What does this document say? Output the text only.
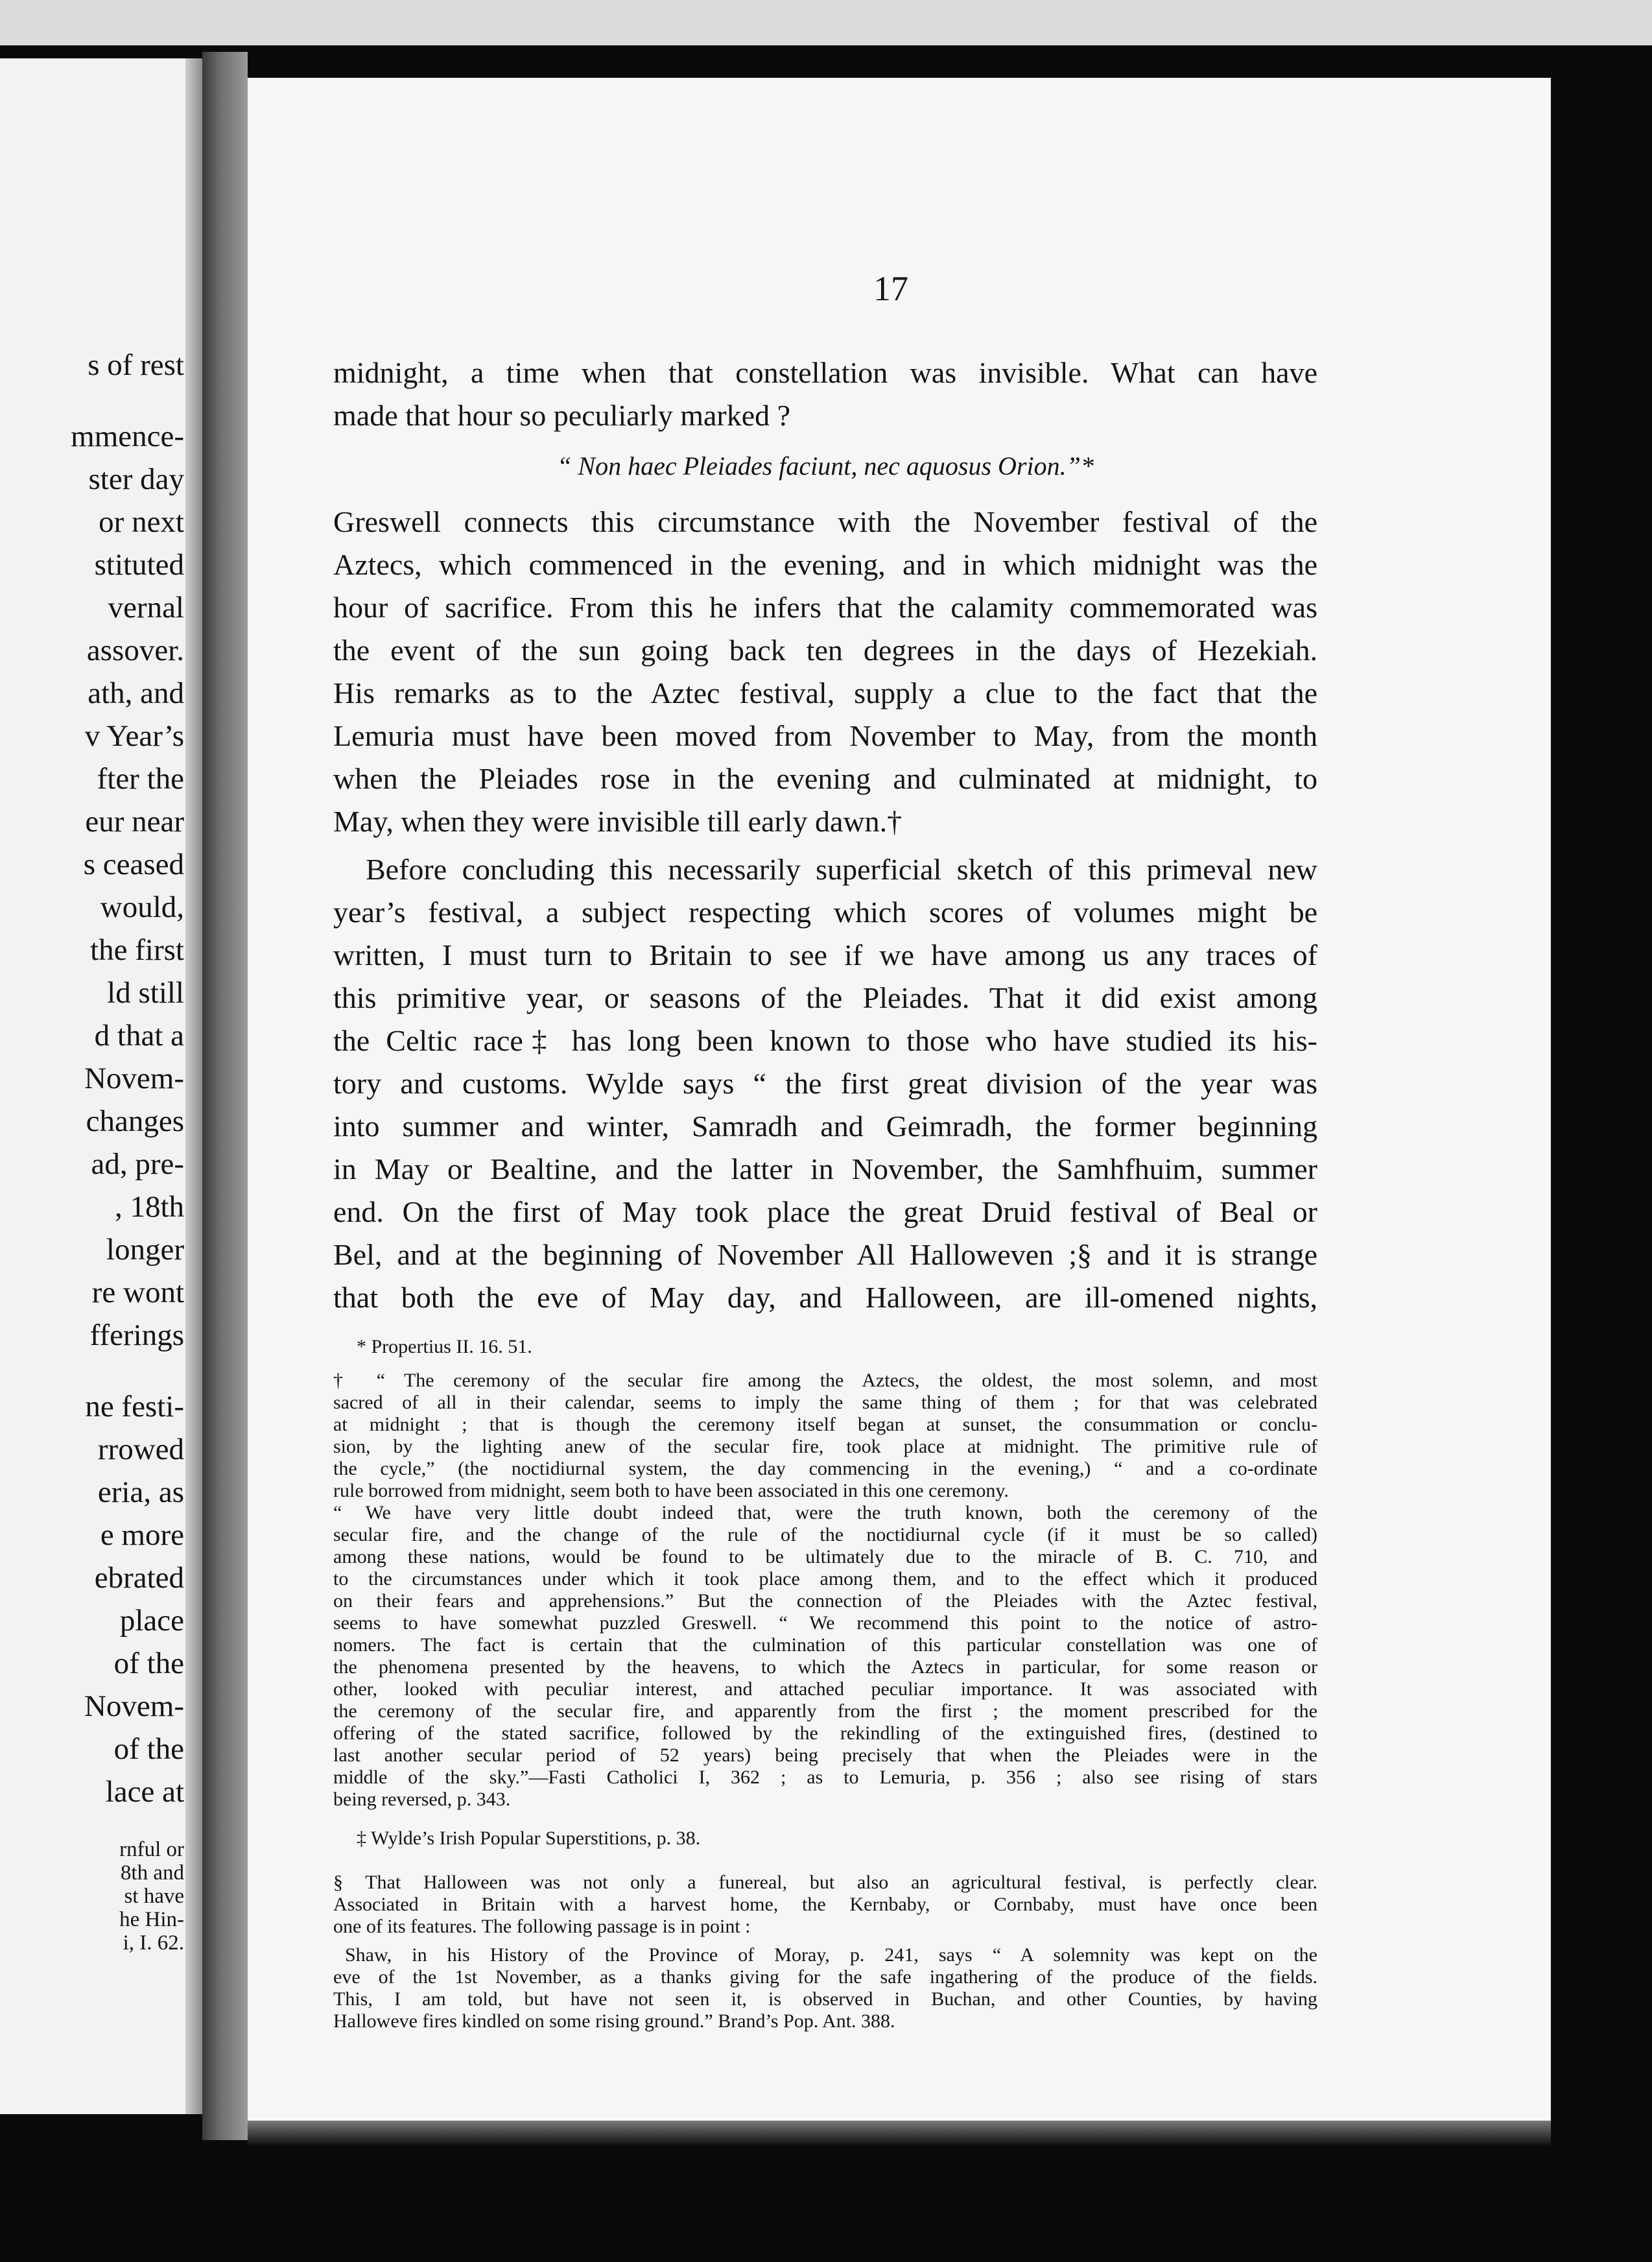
s of rest
mmence-
ster day
or next
stituted
vernal
assover.
ath, and
v Year’s
fter the
eur near
s ceased
would,
the first
ld still
d that a
Novem-
changes
ad, pre-
, 18th
longer
re wont
fferings
ne festi-
rrowed
eria, as
e more
ebrated
place
of the
Novem-
of the
lace at
rnful or
8th and
st have
he Hin-
i, I. 62.
17
midnight, a time when that constellation was invisible. What can have
made that hour so peculiarly marked ?
“ Non haec Pleiades faciunt, nec aquosus Orion.”*
Greswell connects this circumstance with the November festival of the
Aztecs, which commenced in the evening, and in which midnight was the
hour of sacrifice. From this he infers that the calamity commemorated was
the event of the sun going back ten degrees in the days of Hezekiah.
His remarks as to the Aztec festival, supply a clue to the fact that the
Lemuria must have been moved from November to May, from the month
when the Pleiades rose in the evening and culminated at midnight, to
May, when they were invisible till early dawn.†
Before concluding this necessarily superficial sketch of this primeval new
year’s festival, a subject respecting which scores of volumes might be
written, I must turn to Britain to see if we have among us any traces of
this primitive year, or seasons of the Pleiades. That it did exist among
the Celtic race‡ has long been known to those who have studied its his-
tory and customs. Wylde says “ the first great division of the year was
into summer and winter, Samradh and Geimradh, the former beginning
in May or Bealtine, and the latter in November, the Samhfhuim, summer
end. On the first of May took place the great Druid festival of Beal or
Bel, and at the beginning of November All Halloweven ;§ and it is strange
that both the eve of May day, and Halloween, are ill-omened nights,
* Propertius II. 16. 51.
† “ The ceremony of the secular fire among the Aztecs, the oldest, the most solemn, and most
sacred of all in their calendar, seems to imply the same thing of them ; for that was celebrated
at midnight ; that is though the ceremony itself began at sunset, the consummation or conclu-
sion, by the lighting anew of the secular fire, took place at midnight. The primitive rule of
the cycle,” (the noctidiurnal system, the day commencing in the evening,) “ and a co-ordinate
rule borrowed from midnight, seem both to have been associated in this one ceremony.
“ We have very little doubt indeed that, were the truth known, both the ceremony of the
secular fire, and the change of the rule of the noctidiurnal cycle (if it must be so called)
among these nations, would be found to be ultimately due to the miracle of B. C. 710, and
to the circumstances under which it took place among them, and to the effect which it produced
on their fears and apprehensions.” But the connection of the Pleiades with the Aztec festival,
seems to have somewhat puzzled Greswell. “ We recommend this point to the notice of astro-
nomers. The fact is certain that the culmination of this particular constellation was one of
the phenomena presented by the heavens, to which the Aztecs in particular, for some reason or
other, looked with peculiar interest, and attached peculiar importance. It was associated with
the ceremony of the secular fire, and apparently from the first ; the moment prescribed for the
offering of the stated sacrifice, followed by the rekindling of the extinguished fires, (destined to
last another secular period of 52 years) being precisely that when the Pleiades were in the
middle of the sky.”—Fasti Catholici I, 362 ; as to Lemuria, p. 356 ; also see rising of stars
being reversed, p. 343.
‡ Wylde’s Irish Popular Superstitions, p. 38.
§ That Halloween was not only a funereal, but also an agricultural festival, is perfectly clear.
Associated in Britain with a harvest home, the Kernbaby, or Cornbaby, must have once been
one of its features. The following passage is in point :
Shaw, in his History of the Province of Moray, p. 241, says “ A solemnity was kept on the
eve of the 1st November, as a thanks giving for the safe ingathering of the produce of the fields.
This, I am told, but have not seen it, is observed in Buchan, and other Counties, by having
Halloweve fires kindled on some rising ground.” Brand’s Pop. Ant. 388.
